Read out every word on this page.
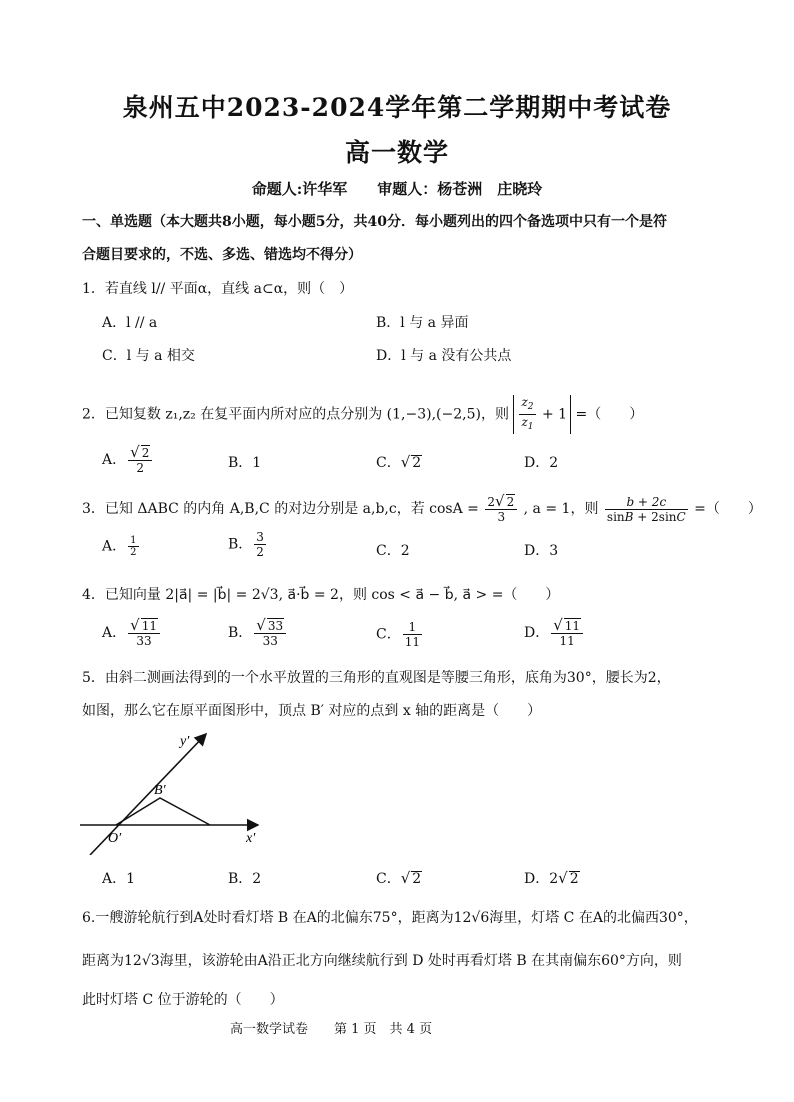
泉州五中2023-2024学年第二学期期中考试卷
高一数学
命题人:许华军　　审题人：杨苍洲　庄晓玲
一、单选题（本大题共8小题，每小题5分，共40分．每小题列出的四个备选项中只有一个是符
合题目要求的，不选、多选、错选均不得分）
1．若直线 l// 平面α，直线 a⊂α，则（　）
A．l // a	B．l 与 a 异面
C．l 与 a 相交	D．l 与 a 没有公共点
2．已知复数 z₁,z₂ 在复平面内所对应的点分别为 (1,−3),(−2,5)，则 $\frac{z_2}{z_1} + 1$ =（　　）
A． $\frac{√ 2}{2}$	B．1	C．√ 2	D．2
3．已知 ΔABC 的内角 A,B,C 的对边分别是 a,b,c，若 $\cos A = \frac{2√ 2}{3}$ , a = 1，则 $\frac{b + 2c}{\sin B + 2\sin C}$ =（　　）
A． $\frac{1}{2}$	B． $\frac{3}{2}$	C．2	D．3
4．已知向量 2|a⃗| = |b⃗| = 2√3, a⃗·b⃗ = 2，则 cos < a⃗ − b⃗, a⃗ > =（　　）
A． $\frac{√ 11}{33}$	B． $\frac{√ 33}{33}$	C． $\frac{1}{11}$	D． $\frac{√ 11}{11}$
5．由斜二测画法得到的一个水平放置的三角形的直观图是等腰三角形，底角为30°，腰长为2，
如图，那么它在原平面图形中，顶点 B′ 对应的点到 x 轴的距离是（　　）
y′
B′
O′	x′
A．1	B．2	C．√ 2	D．2√ 2
6.一艘游轮航行到A处时看灯塔 B 在A的北偏东75°，距离为12√6海里，灯塔 C 在A的北偏西30°，
距离为12√3海里，该游轮由A沿正北方向继续航行到 D 处时再看灯塔 B 在其南偏东60°方向，则
此时灯塔 C 位于游轮的（　　）
高一数学试卷　　第 1 页　共 4 页
